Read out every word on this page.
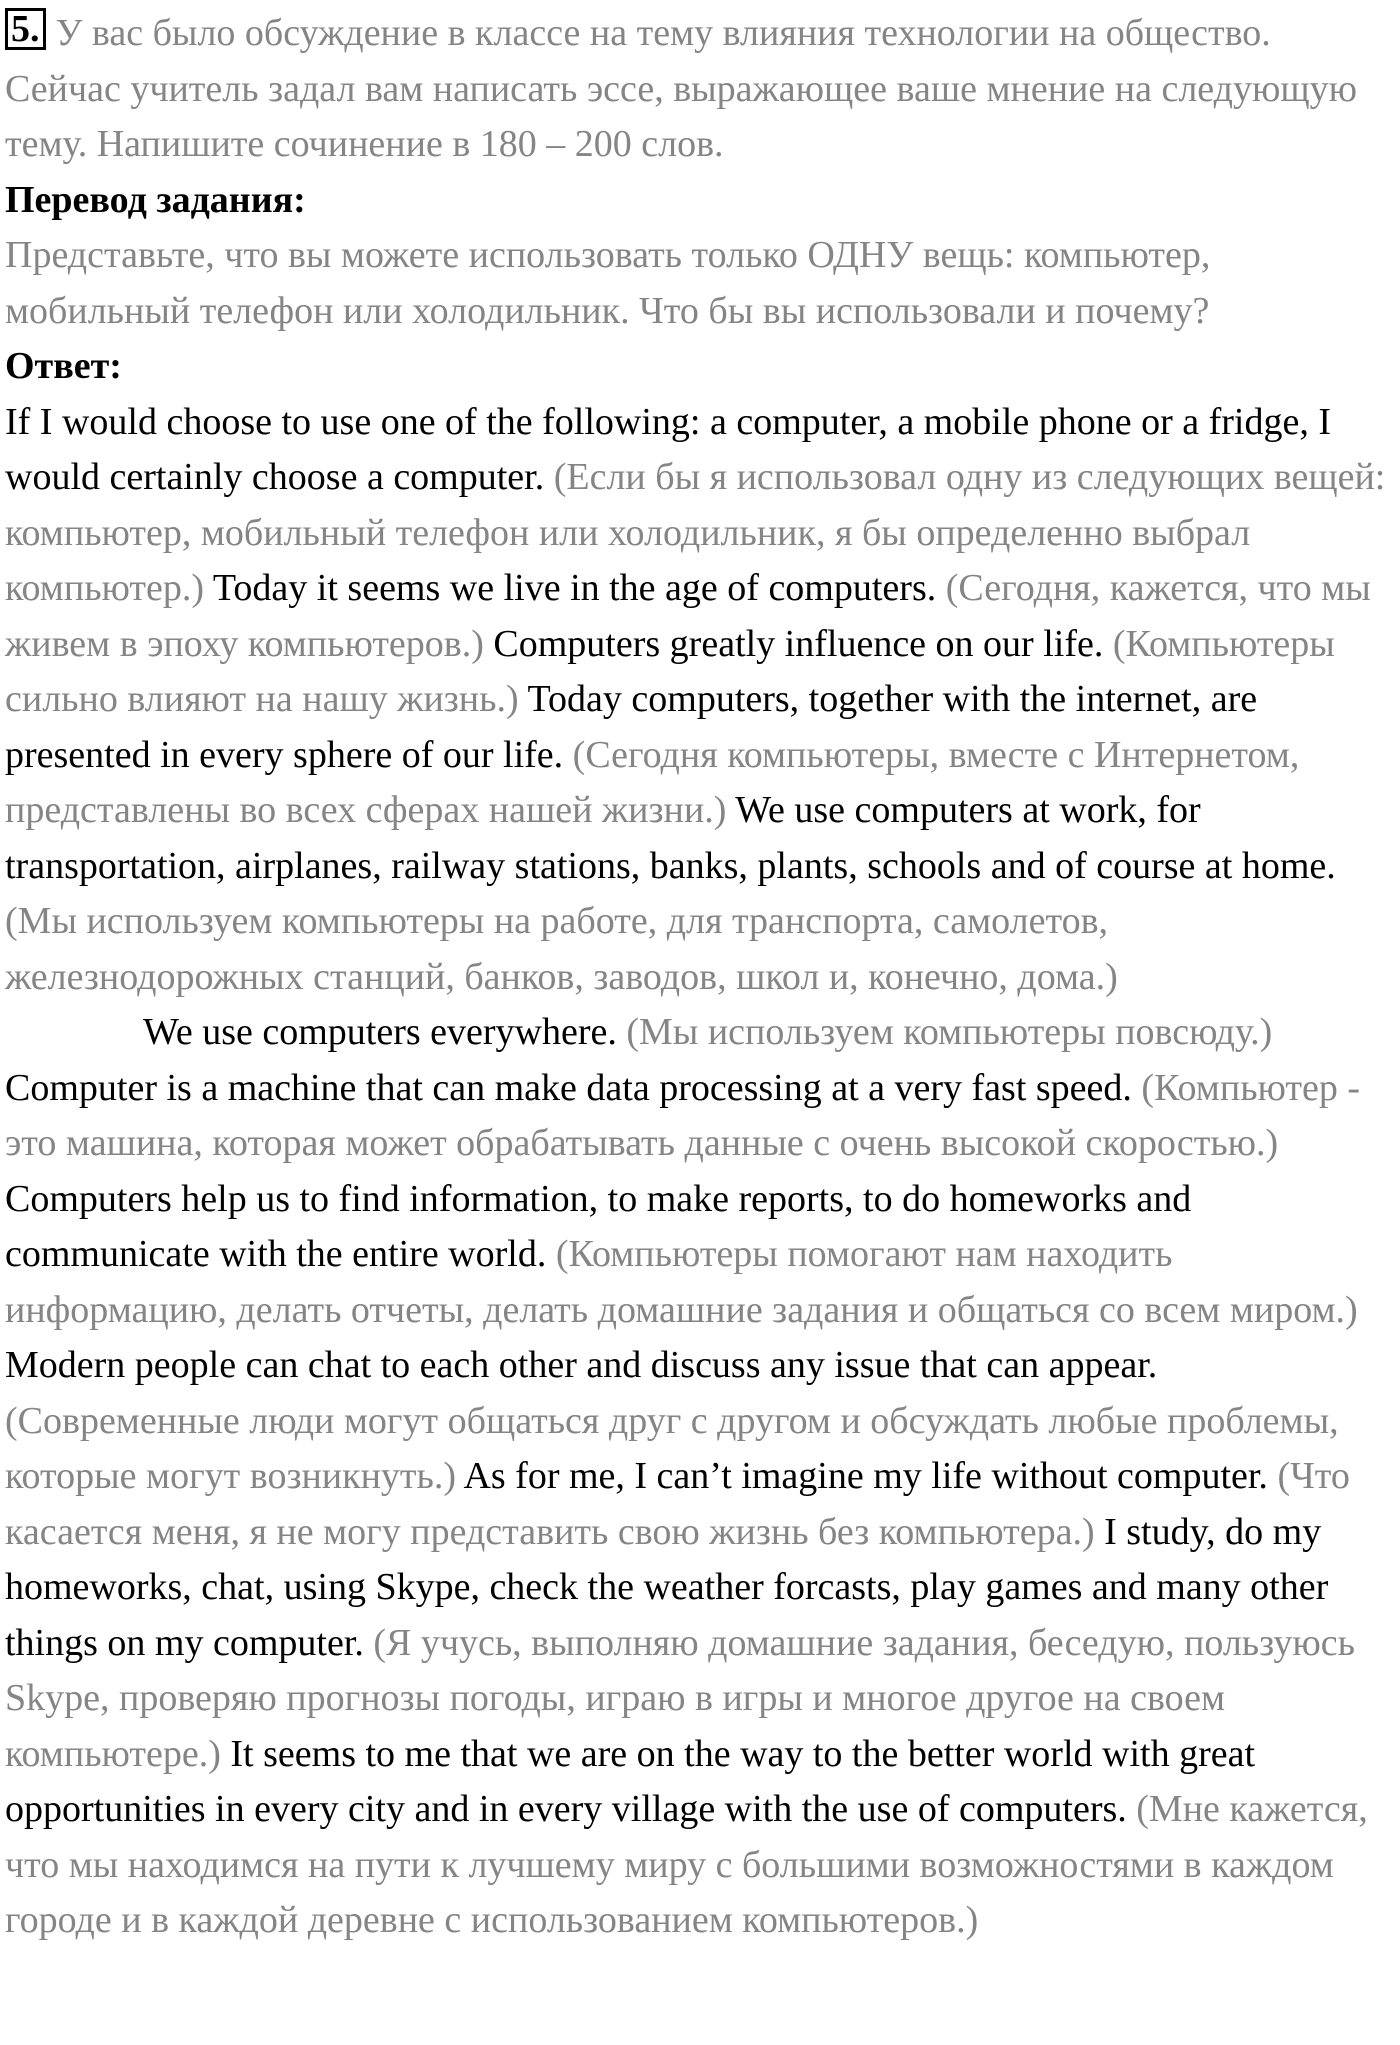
5. У вас было обсуждение в классе на тему влияния технологии на общество. Сейчас учитель задал вам написать эссе, выражающее ваше мнение на следующую тему. Напишите сочинение в 180 – 200 слов.

Перевод задания:

Представьте, что вы можете использовать только ОДНУ вещь: компьютер, мобильный телефон или холодильник. Что бы вы использовали и почему?

Ответ:

If I would choose to use one of the following: a computer, a mobile phone or a fridge, I would certainly choose a computer. (Если бы я использовал одну из следующих вещей: компьютер, мобильный телефон или холодильник, я бы определенно выбрал компьютер.) Today it seems we live in the age of computers. (Сегодня, кажется, что мы живем в эпоху компьютеров.) Computers greatly influence on our life. (Компьютеры сильно влияют на нашу жизнь.) Today computers, together with the internet, are presented in every sphere of our life. (Сегодня компьютеры, вместе с Интернетом, представлены во всех сферах нашей жизни.) We use computers at work, for transportation, airplanes, railway stations, banks, plants, schools and of course at home. (Мы используем компьютеры на работе, для транспорта, самолетов, железнодорожных станций, банков, заводов, школ и, конечно, дома.)

We use computers everywhere. (Мы используем компьютеры повсюду.) Computer is a machine that can make data processing at a very fast speed. (Компьютер - это машина, которая может обрабатывать данные с очень высокой скоростью.) Computers help us to find information, to make reports, to do homeworks and communicate with the entire world. (Компьютеры помогают нам находить информацию, делать отчеты, делать домашние задания и общаться со всем миром.) Modern people can chat to each other and discuss any issue that can appear. (Современные люди могут общаться друг с другом и обсуждать любые проблемы, которые могут возникнуть.) As for me, I can’t imagine my life without computer. (Что касается меня, я не могу представить свою жизнь без компьютера.) I study, do my homeworks, chat, using Skype, check the weather forcasts, play games and many other things on my computer. (Я учусь, выполняю домашние задания, беседую, пользуюсь Skype, проверяю прогнозы погоды, играю в игры и многое другое на своем компьютере.) It seems to me that we are on the way to the better world with great opportunities in every city and in every village with the use of computers. (Мне кажется, что мы находимся на пути к лучшему миру с большими возможностями в каждом городе и в каждой деревне с использованием компьютеров.)
